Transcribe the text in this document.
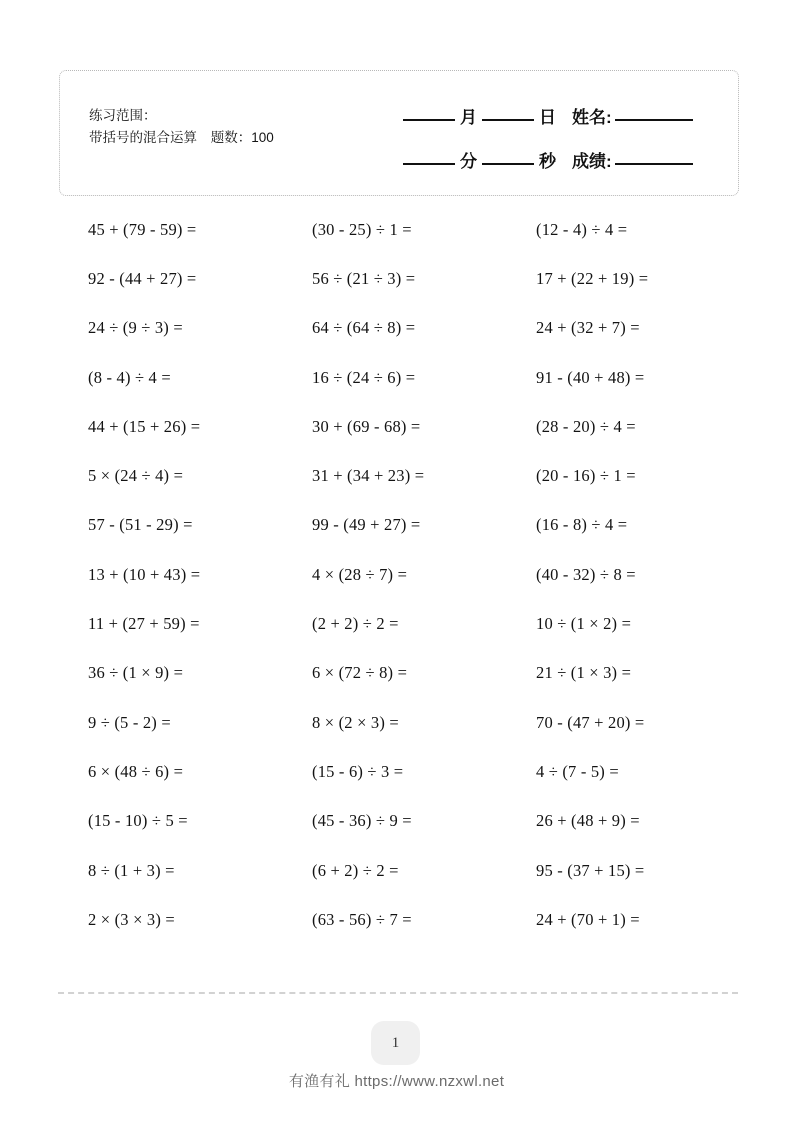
练习范围：
带括号的混合运算 题数：100
月	日 姓名:
分	秒 成绩:
45 + (79 - 59) =	(30 - 25) ÷ 1 =	(12 - 4) ÷ 4 =
92 - (44 + 27) =	56 ÷ (21 ÷ 3) =	17 + (22 + 19) =
24 ÷ (9 ÷ 3) =	64 ÷ (64 ÷ 8) =	24 + (32 + 7) =
(8 - 4) ÷ 4 =	16 ÷ (24 ÷ 6) =	91 - (40 + 48) =
44 + (15 + 26) =	30 + (69 - 68) =	(28 - 20) ÷ 4 =
5 × (24 ÷ 4) =	31 + (34 + 23) =	(20 - 16) ÷ 1 =
57 - (51 - 29) =	99 - (49 + 27) =	(16 - 8) ÷ 4 =
13 + (10 + 43) =	4 × (28 ÷ 7) =	(40 - 32) ÷ 8 =
11 + (27 + 59) =	(2 + 2) ÷ 2 =	10 ÷ (1 × 2) =
36 ÷ (1 × 9) =	6 × (72 ÷ 8) =	21 ÷ (1 × 3) =
9 ÷ (5 - 2) =	8 × (2 × 3) =	70 - (47 + 20) =
6 × (48 ÷ 6) =	(15 - 6) ÷ 3 =	4 ÷ (7 - 5) =
(15 - 10) ÷ 5 =	(45 - 36) ÷ 9 =	26 + (48 + 9) =
8 ÷ (1 + 3) =	(6 + 2) ÷ 2 =	95 - (37 + 15) =
2 × (3 × 3) =	(63 - 56) ÷ 7 =	24 + (70 + 1) =
1
有渔有礼 https://www.nzxwl.net
